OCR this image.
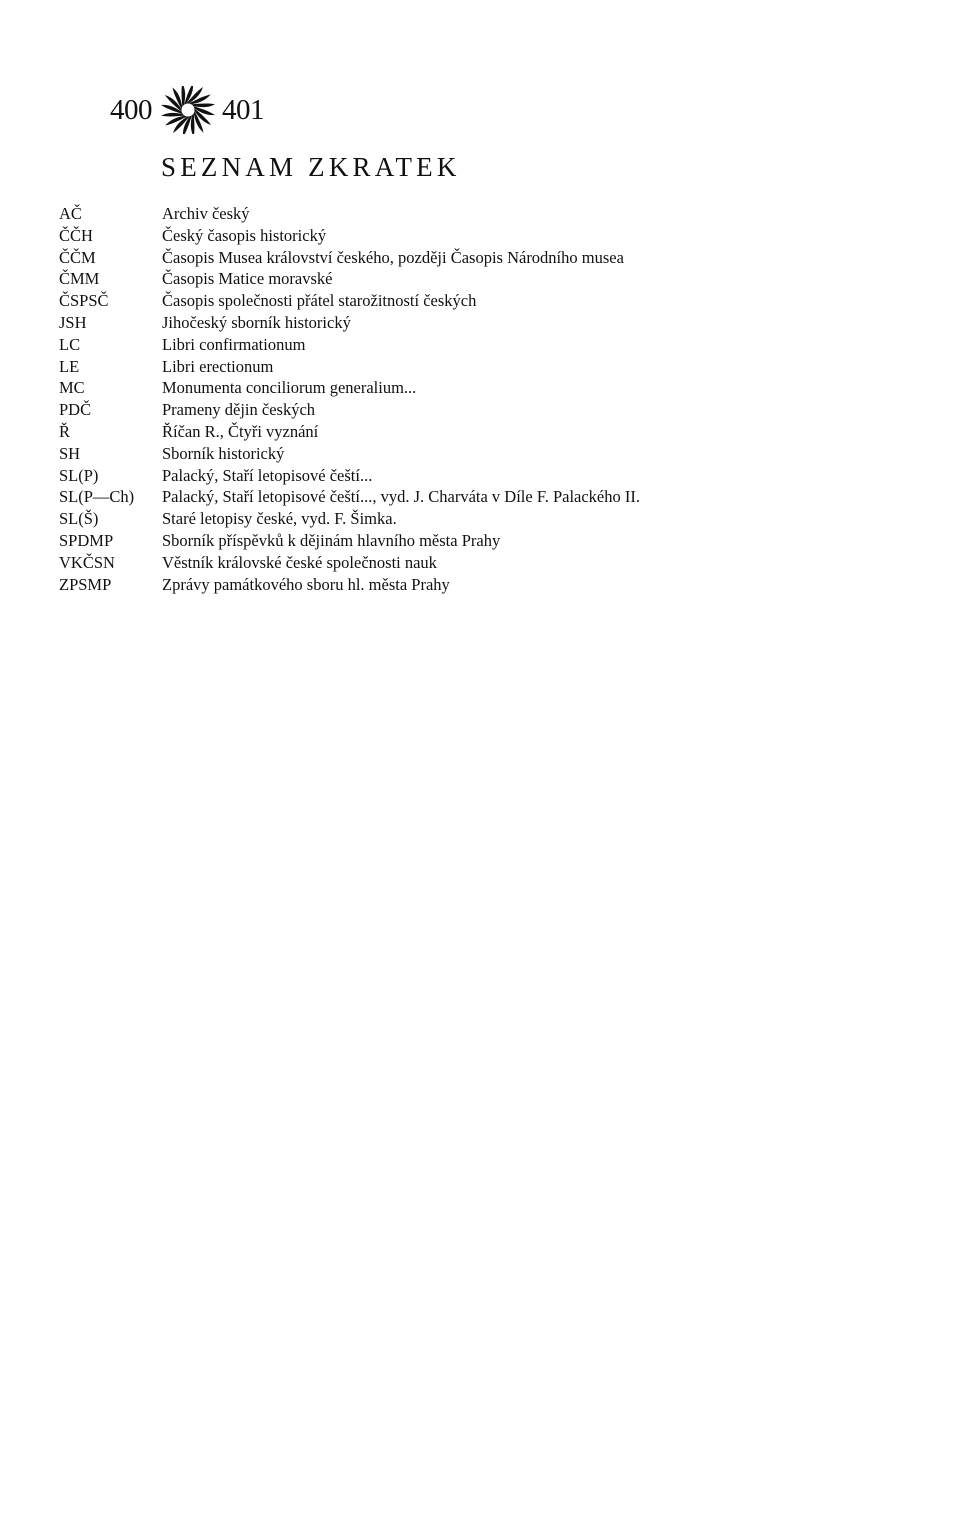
400 401
SEZNAM ZKRATEK
AČ	Archiv český
ČČH	Český časopis historický
ČČM	Časopis Musea království českého, později Časopis Národního musea
ČMM	Časopis Matice moravské
ČSPSČ	Časopis společnosti přátel starožitností českých
JSH	Jihočeský sborník historický
LC	Libri confirmationum
LE	Libri erectionum
MC	Monumenta conciliorum generalium...
PDČ	Prameny dějin českých
Ř	Říčan R., Čtyři vyznání
SH	Sborník historický
SL(P)	Palacký, Staří letopisové čeští...
SL(P—Ch)	Palacký, Staří letopisové čeští..., vyd. J. Charváta v Díle F. Palackého II.
SL(Š)	Staré letopisy české, vyd. F. Šimka.
SPDMP	Sborník příspěvků k dějinám hlavního města Prahy
VKČSN	Věstník královské české společnosti nauk
ZPSMP	Zprávy památkového sboru hl. města Prahy
